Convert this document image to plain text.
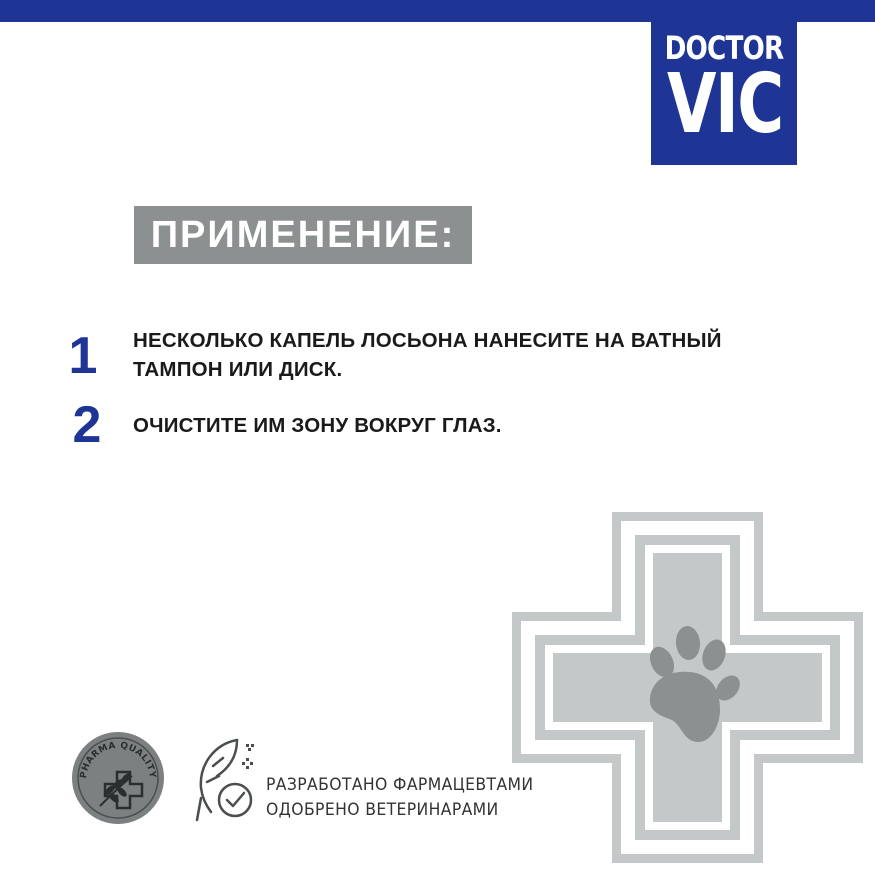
DOCTOR
VIC
ПРИМЕНЕНИЕ:
1	НЕСКОЛЬКО КАПЕЛЬ ЛОСЬОНА НАНЕСИТЕ НА ВАТНЫЙ
ТАМПОН ИЛИ ДИСК.
2	ОЧИСТИТЕ ИМ ЗОНУ ВОКРУГ ГЛАЗ.
PHARMA QUALITY
РАЗРАБОТАНО ФАРМАЦЕВТАМИ
ОДОБРЕНО ВЕТЕРИНАРАМИ
